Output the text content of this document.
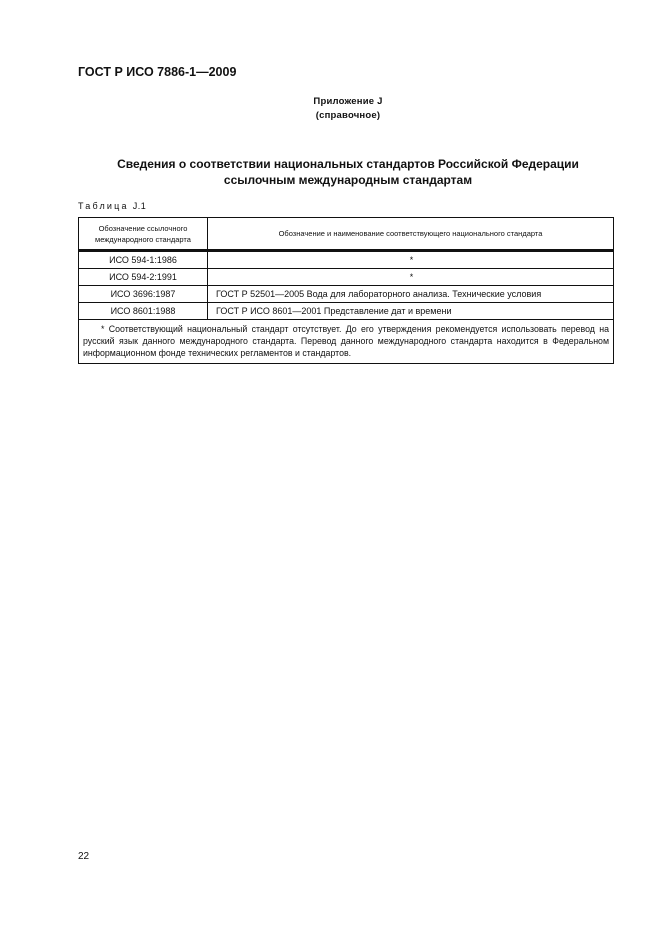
ГОСТ Р ИСО 7886-1—2009
Приложение J
(справочное)
Сведения о соответствии национальных стандартов Российской Федерации
ссылочным международным стандартам
Таблица J.1
Обозначение ссылочного
международного стандарта	Обозначение и наименование соответствующего национального стандарта
ИСО 594-1:1986	*
ИСО 594-2:1991	*
ИСО 3696:1987	ГОСТ Р 52501—2005 Вода для лабораторного анализа. Технические условия
ИСО 8601:1988	ГОСТ Р ИСО 8601—2001 Представление дат и времени
* Соответствующий национальный стандарт отсутствует. До его утверждения рекомендуется использовать перевод на русский язык данного международного стандарта. Перевод данного международного стандарта находится в Федеральном информационном фонде технических регламентов и стандартов.	
22
